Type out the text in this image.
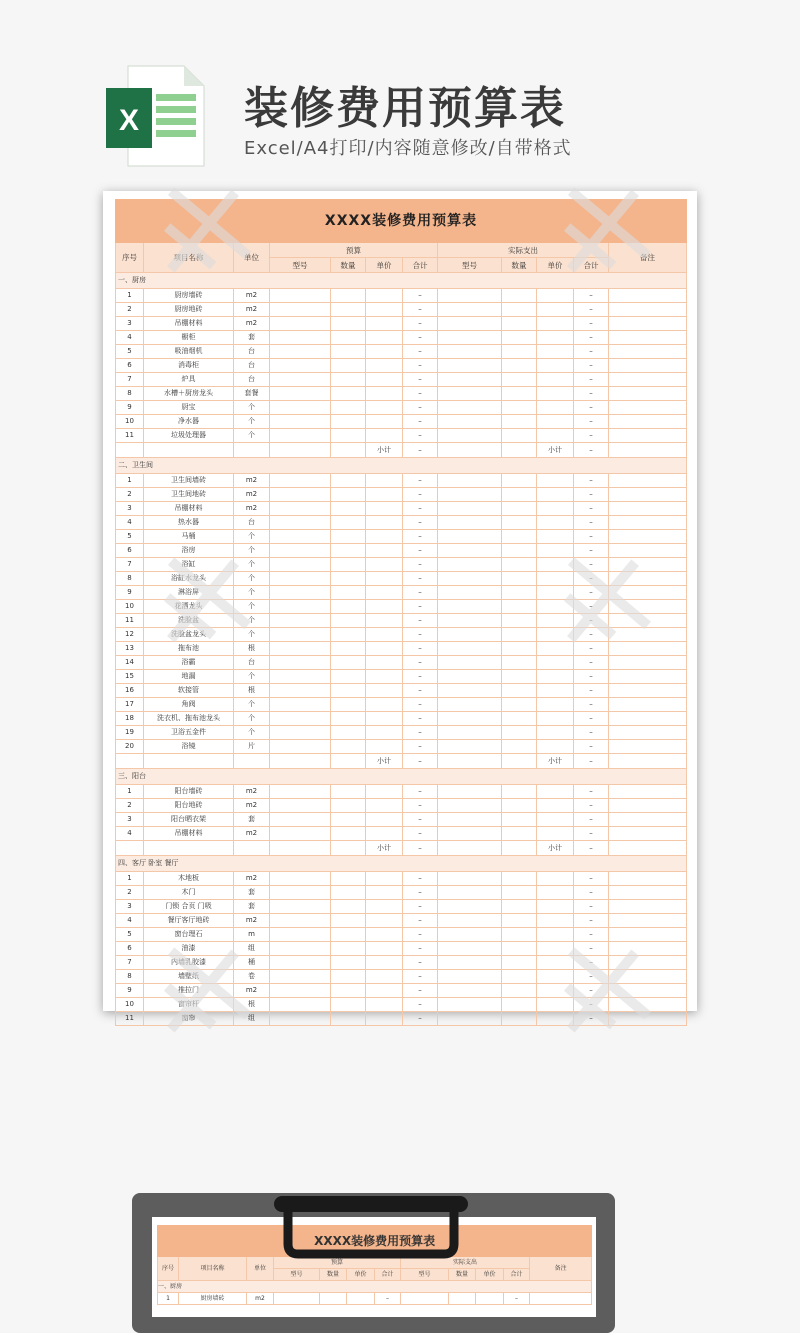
X 装修费用预算表
Excel/A4打印/内容随意修改/自带格式
XXXX装修费用预算表											
序号	项目名称	单位	预算				实际支出				备注
			型号	数量	单价	合计	型号	数量	单价	合计	
一、厨房											
1	厨房墙砖	m2				–				–	
2	厨房地砖	m2				–				–	
3	吊棚材料	m2				–				–	
4	橱柜	套				–				–	
5	吸油烟机	台				–				–	
6	消毒柜	台				–				–	
7	炉具	台				–				–	
8	水槽＋厨房龙头	套餐				–				–	
9	厨宝	个				–				–	
10	净水器	个				–				–	
11	垃圾处理器	个				–				–	
					小计	–			小计	–	
二、卫生间											
1	卫生间墙砖	m2				–				–	
2	卫生间地砖	m2				–				–	
3	吊棚材料	m2				–				–	
4	热水器	台				–				–	
5	马桶	个				–				–	
6	浴房	个				–				–	
7	浴缸	个				–				–	
8	浴缸水龙头	个				–				–	
9	淋浴屏	个				–				–	
10	花洒龙头	个				–				–	
11	洗脸盆	个				–				–	
12	洗脸盆龙头	个				–				–	
13	拖布池	根				–				–	
14	浴霸	台				–				–	
15	地漏	个				–				–	
16	软接管	根				–				–	
17	角阀	个				–				–	
18	洗衣机、拖布池龙头	个				–				–	
19	卫浴五金件	个				–				–	
20	浴镜	片				–				–	
					小计	–			小计	–	
三、阳台											
1	阳台墙砖	m2				–				–	
2	阳台地砖	m2				–				–	
3	阳台晒衣架	套				–				–	
4	吊棚材料	m2				–				–	
					小计	–			小计	–	
四、客厅 卧室 餐厅											
1	木地板	m2				–				–	
2	木门	套				–				–	
3	门锁 合页 门吸	套				–				–	
4	餐厅客厅地砖	m2				–				–	
5	窗台理石	m				–				–	
6	油漆	组				–				–	
7	内墙乳胶漆	桶				–				–	
8	墙壁纸	卷				–				–	
9	推拉门	m2				–				–	
10	窗帘杆	根				–				–	
11	窗帘	组				–				–	
XXXX装修费用预算表											
序号	项目名称	单位	预算				实际支出				备注
			型号	数量	单价	合计	型号	数量	单价	合计	
一、厨房											
1	厨房墙砖	m2				–				–	
